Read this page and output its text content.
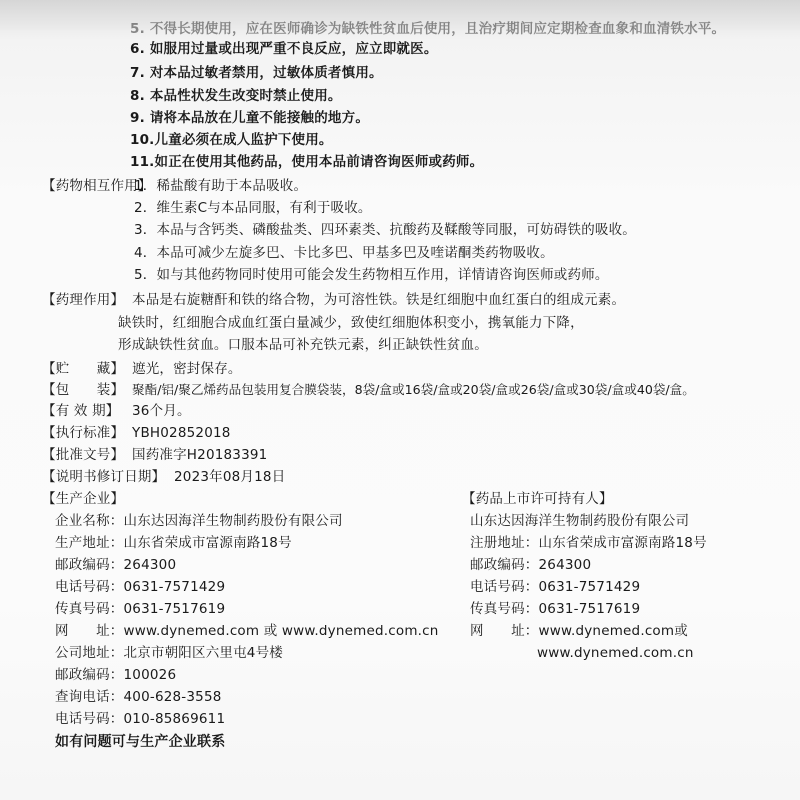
5. 不得长期使用，应在医师确诊为缺铁性贫血后使用，且治疗期间应定期检查血象和血清铁水平。
6. 如服用过量或出现严重不良反应，应立即就医。
7. 对本品过敏者禁用，过敏体质者慎用。
8. 本品性状发生改变时禁止使用。
9. 请将本品放在儿童不能接触的地方。
10.儿童必须在成人监护下使用。
11.如正在使用其他药品，使用本品前请咨询医师或药师。
【药物相互作用】
1．稀盐酸有助于本品吸收。
2．维生素C与本品同服，有利于吸收。
3．本品与含钙类、磷酸盐类、四环素类、抗酸药及鞣酸等同服，可妨碍铁的吸收。
4．本品可减少左旋多巴、卡比多巴、甲基多巴及喹诺酮类药物吸收。
5．如与其他药物同时使用可能会发生药物相互作用，详情请咨询医师或药师。
【药理作用】 本品是右旋糖酐和铁的络合物，为可溶性铁。铁是红细胞中血红蛋白的组成元素。
缺铁时，红细胞合成血红蛋白量减少，致使红细胞体积变小，携氧能力下降，
形成缺铁性贫血。口服本品可补充铁元素，纠正缺铁性贫血。
【贮　　藏】 遮光，密封保存。
【包　　装】 聚酯/铝/聚乙烯药品包装用复合膜袋装，8袋/盒或16袋/盒或20袋/盒或26袋/盒或30袋/盒或40袋/盒。
【有 效 期】 36个月。
【执行标准】 YBH02852018
【批准文号】 国药准字H20183391
【说明书修订日期】 2023年08月18日
【生产企业】
企业名称：山东达因海洋生物制药股份有限公司
生产地址：山东省荣成市富源南路18号
邮政编码：264300
电话号码：0631-7571429
传真号码：0631-7517619
网　　址：www.dynemed.com 或 www.dynemed.com.cn
公司地址：北京市朝阳区六里屯4号楼
邮政编码：100026
查询电话：400-628-3558
电话号码：010-85869611
如有问题可与生产企业联系
【药品上市许可持有人】
山东达因海洋生物制药股份有限公司
注册地址：山东省荣成市富源南路18号
邮政编码：264300
电话号码：0631-7571429
传真号码：0631-7517619
网　　址：www.dynemed.com或
www.dynemed.com.cn
